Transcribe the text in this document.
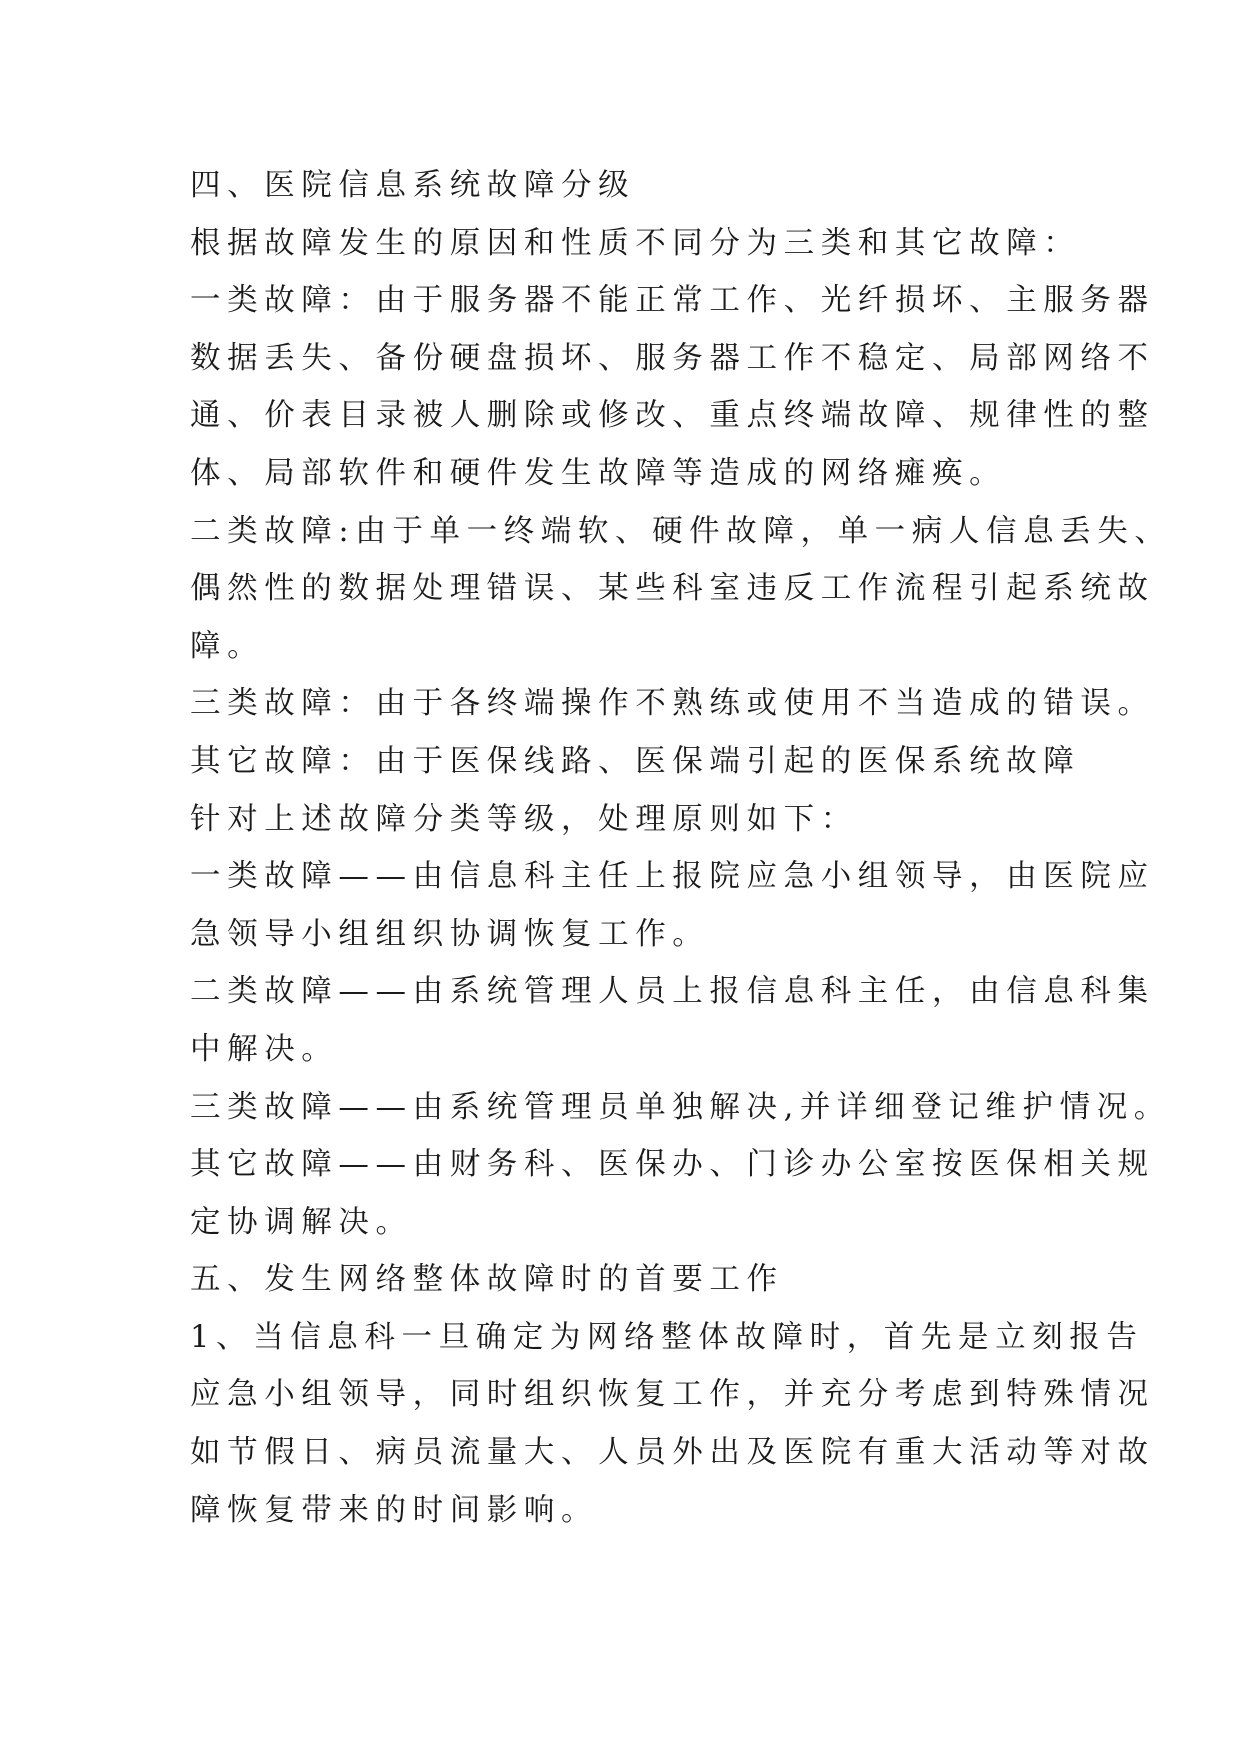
四、医院信息系统故障分级
根据故障发生的原因和性质不同分为三类和其它故障：
一类故障：由于服务器不能正常工作、光纤损坏、主服务器
数据丢失、备份硬盘损坏、服务器工作不稳定、局部网络不
通、价表目录被人删除或修改、重点终端故障、规律性的整
体、局部软件和硬件发生故障等造成的网络瘫痪。
二类故障:由于单一终端软、硬件故障，单一病人信息丢失、
偶然性的数据处理错误、某些科室违反工作流程引起系统故
障。
三类故障：由于各终端操作不熟练或使用不当造成的错误。
其它故障：由于医保线路、医保端引起的医保系统故障
针对上述故障分类等级，处理原则如下：
一类故障——由信息科主任上报院应急小组领导，由医院应
急领导小组组织协调恢复工作。
二类故障——由系统管理人员上报信息科主任，由信息科集
中解决。
三类故障——由系统管理员单独解决,并详细登记维护情况。
其它故障——由财务科、医保办、门诊办公室按医保相关规
定协调解决。
五、发生网络整体故障时的首要工作
1、当信息科一旦确定为网络整体故障时，首先是立刻报告
应急小组领导，同时组织恢复工作，并充分考虑到特殊情况
如节假日、病员流量大、人员外出及医院有重大活动等对故
障恢复带来的时间影响。
